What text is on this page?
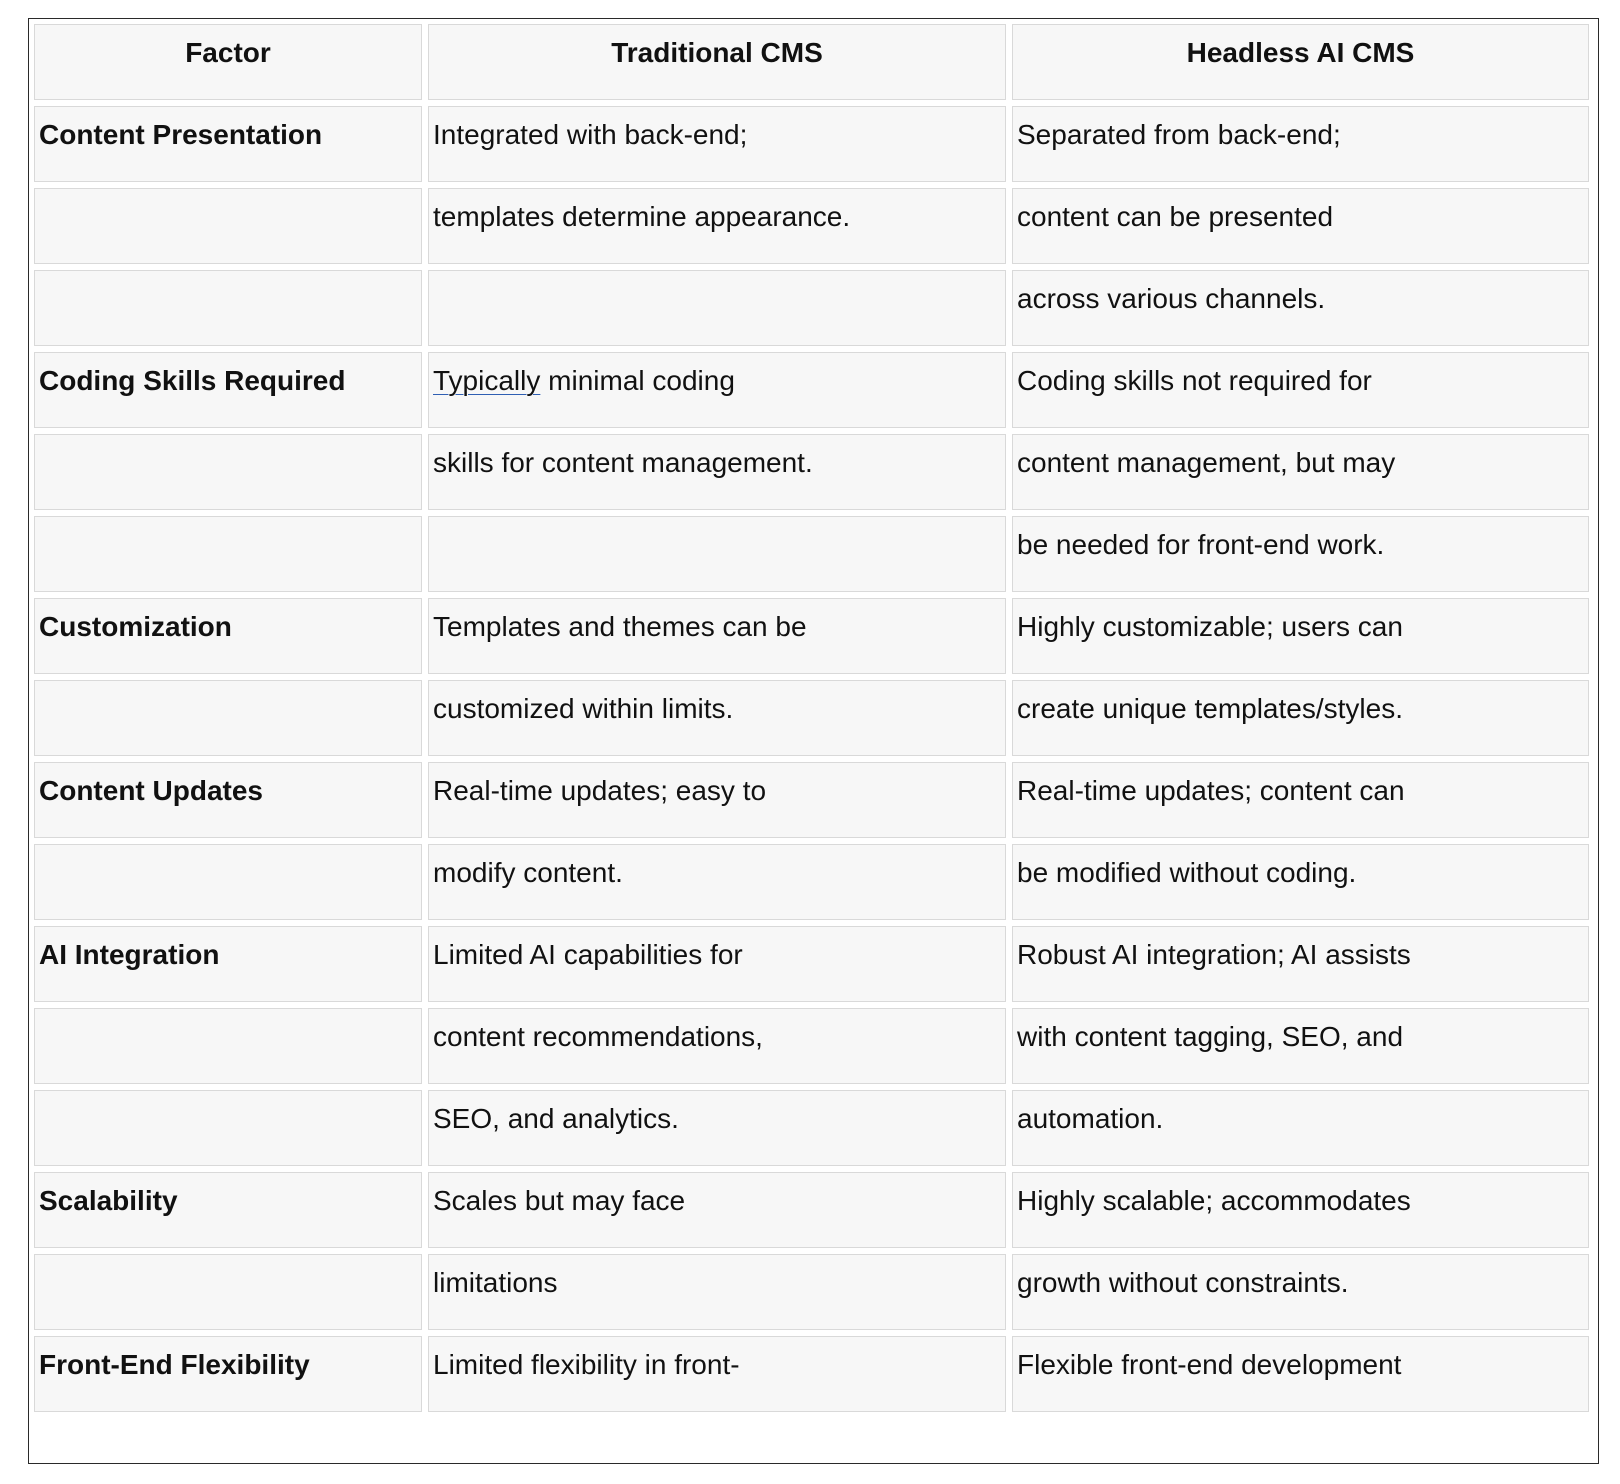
Factor	Traditional CMS	Headless AI CMS
Content Presentation	Integrated with back-end;	Separated from back-end;
	templates determine appearance.	content can be presented
		across various channels.
Coding Skills Required	Typically minimal coding	Coding skills not required for
	skills for content management.	content management, but may
		be needed for front-end work.
Customization	Templates and themes can be	Highly customizable; users can
	customized within limits.	create unique templates/styles.
Content Updates	Real-time updates; easy to	Real-time updates; content can
	modify content.	be modified without coding.
AI Integration	Limited AI capabilities for	Robust AI integration; AI assists
	content recommendations,	with content tagging, SEO, and
	SEO, and analytics.	automation.
Scalability	Scales but may face	Highly scalable; accommodates
	limitations	growth without constraints.
Front-End Flexibility	Limited flexibility in front-	Flexible front-end development
